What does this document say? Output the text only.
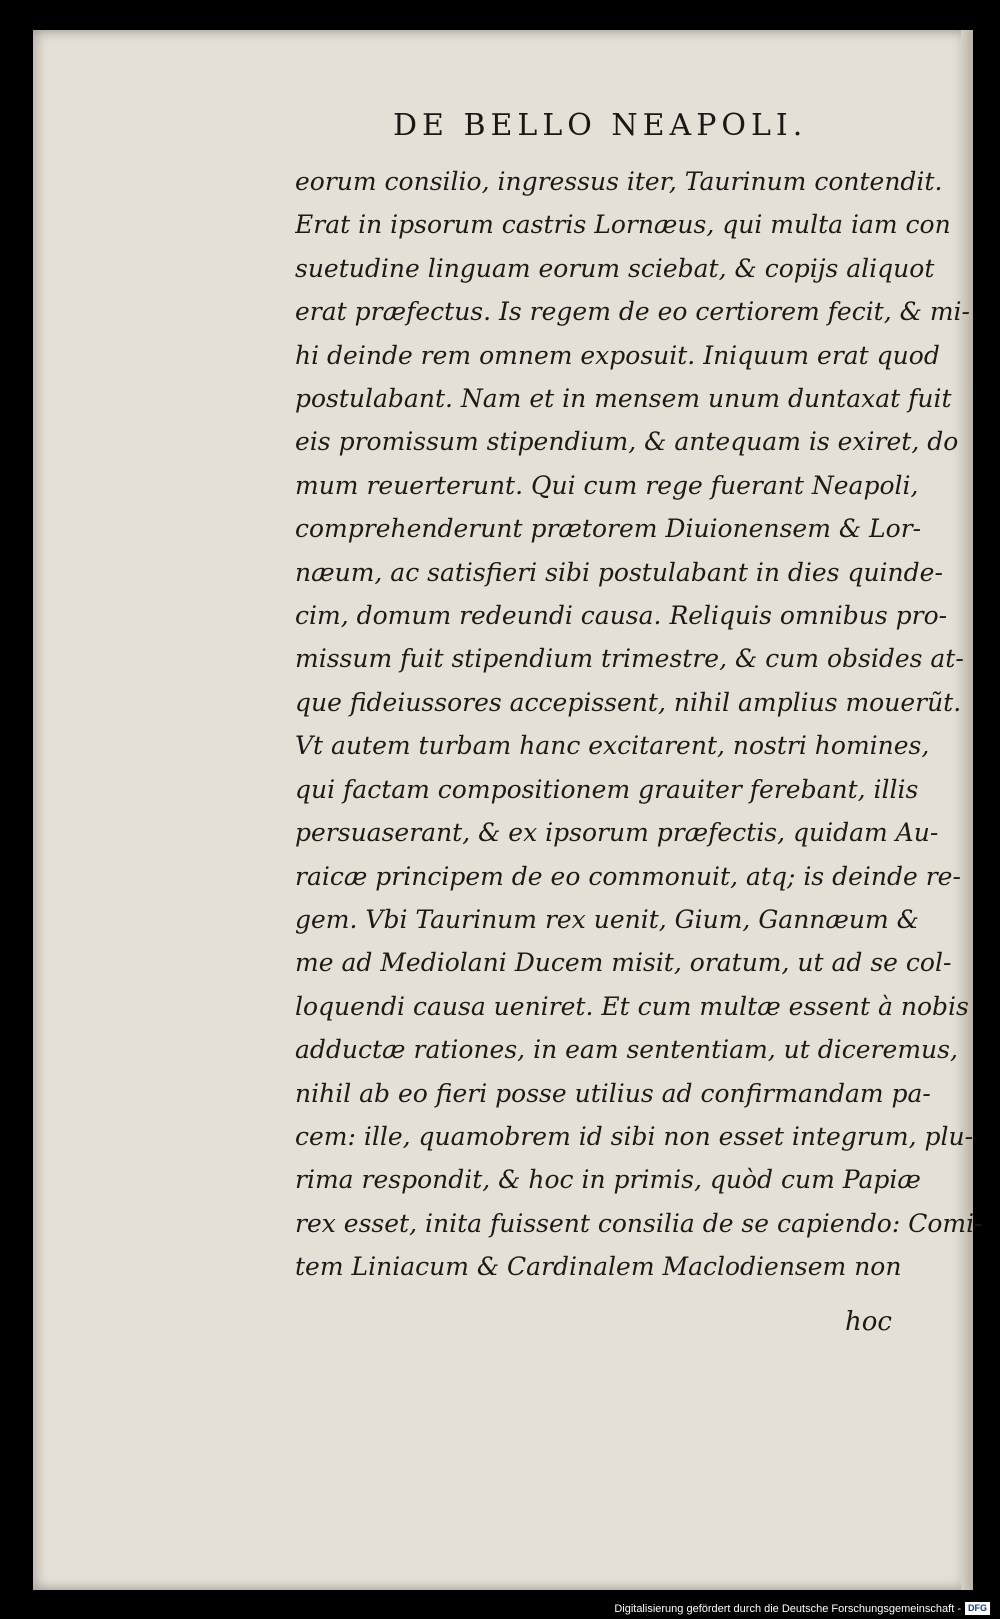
DE BELLO NEAPOLI.
eorum consilio, ingressus iter, Taurinum contendit.
Erat in ipsorum castris Lornæus, qui multa iam con
suetudine linguam eorum sciebat, & copijs aliquot
erat præfectus. Is regem de eo certiorem fecit, & mi-
hi deinde rem omnem exposuit. Iniquum erat quod
postulabant. Nam et in mensem unum duntaxat fuit
eis promissum stipendium, & antequam is exiret, do
mum reuerterunt. Qui cum rege fuerant Neapoli,
comprehenderunt prætorem Diuionensem & Lor-
næum, ac satisfieri sibi postulabant in dies quinde-
cim, domum redeundi causa. Reliquis omnibus pro-
missum fuit stipendium trimestre, & cum obsides at-
que fideiussores accepissent, nihil amplius mouerũt.
Vt autem turbam hanc excitarent, nostri homines,
qui factam compositionem grauiter ferebant, illis
persuaserant, & ex ipsorum præfectis, quidam Au-
raicæ principem de eo commonuit, atq; is deinde re-
gem. Vbi Taurinum rex uenit, Gium, Gannæum &
me ad Mediolani Ducem misit, oratum, ut ad se col-
loquendi causa ueniret. Et cum multæ essent à nobis
adductæ rationes, in eam sententiam, ut diceremus,
nihil ab eo fieri posse utilius ad confirmandam pa-
cem: ille, quamobrem id sibi non esset integrum, plu-
rima respondit, & hoc in primis, quòd cum Papiæ
rex esset, inita fuissent consilia de se capiendo: Comi-
tem Liniacum & Cardinalem Maclodiensem non
hoc
Digitalisierung gefördert durch die Deutsche Forschungsgemeinschaft - DFG
